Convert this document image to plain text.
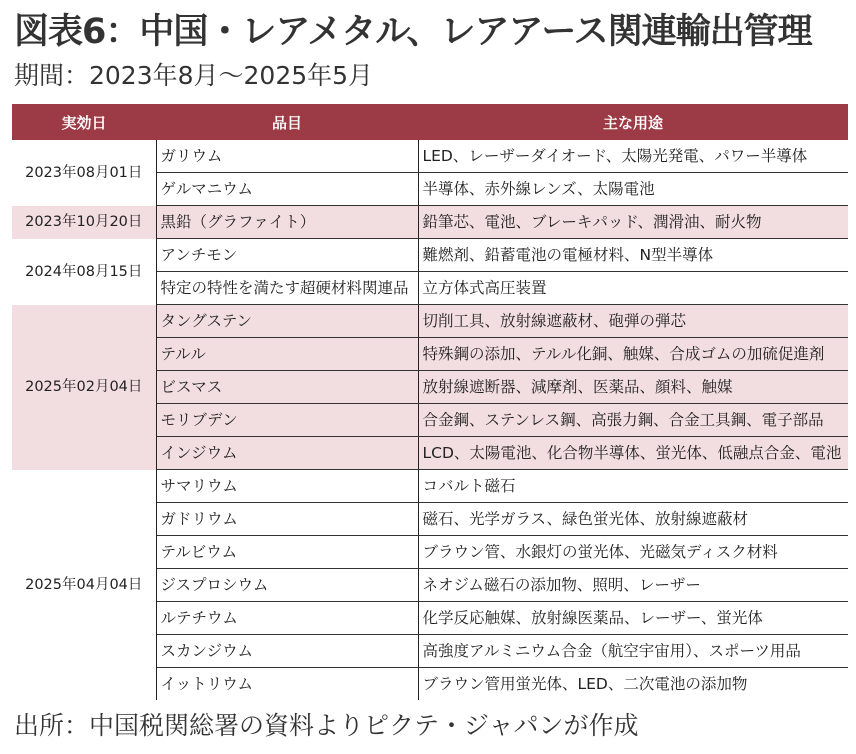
図表6：中国・レアメタル、レアアース関連輸出管理
期間：2023年8月～2025年5月
実効日	品目	主な用途
2023年08月01日	ガリウム	LED、レーザーダイオード、太陽光発電、パワー半導体
	ゲルマニウム	半導体、赤外線レンズ、太陽電池
2023年10月20日	黒鉛（グラファイト）	鉛筆芯、電池、ブレーキパッド、潤滑油、耐火物
2024年08月15日	アンチモン	難燃剤、鉛蓄電池の電極材料、N型半導体
	特定の特性を満たす超硬材料関連品	立方体式高圧装置
2025年02月04日	タングステン	切削工具、放射線遮蔽材、砲弾の弾芯
	テルル	特殊鋼の添加、テルル化銅、触媒、合成ゴムの加硫促進剤
	ビスマス	放射線遮断器、減摩剤、医薬品、顔料、触媒
	モリブデン	合金鋼、ステンレス鋼、高張力鋼、合金工具鋼、電子部品
	インジウム	LCD、太陽電池、化合物半導体、蛍光体、低融点合金、電池
2025年04月04日	サマリウム	コバルト磁石
	ガドリウム	磁石、光学ガラス、緑色蛍光体、放射線遮蔽材
	テルビウム	ブラウン管、水銀灯の蛍光体、光磁気ディスク材料
	ジスプロシウム	ネオジム磁石の添加物、照明、レーザー
	ルテチウム	化学反応触媒、放射線医薬品、レーザー、蛍光体
	スカンジウム	高強度アルミニウム合金（航空宇宙用）、スポーツ用品
	イットリウム	ブラウン管用蛍光体、LED、二次電池の添加物
出所：中国税関総署の資料よりピクテ・ジャパンが作成
